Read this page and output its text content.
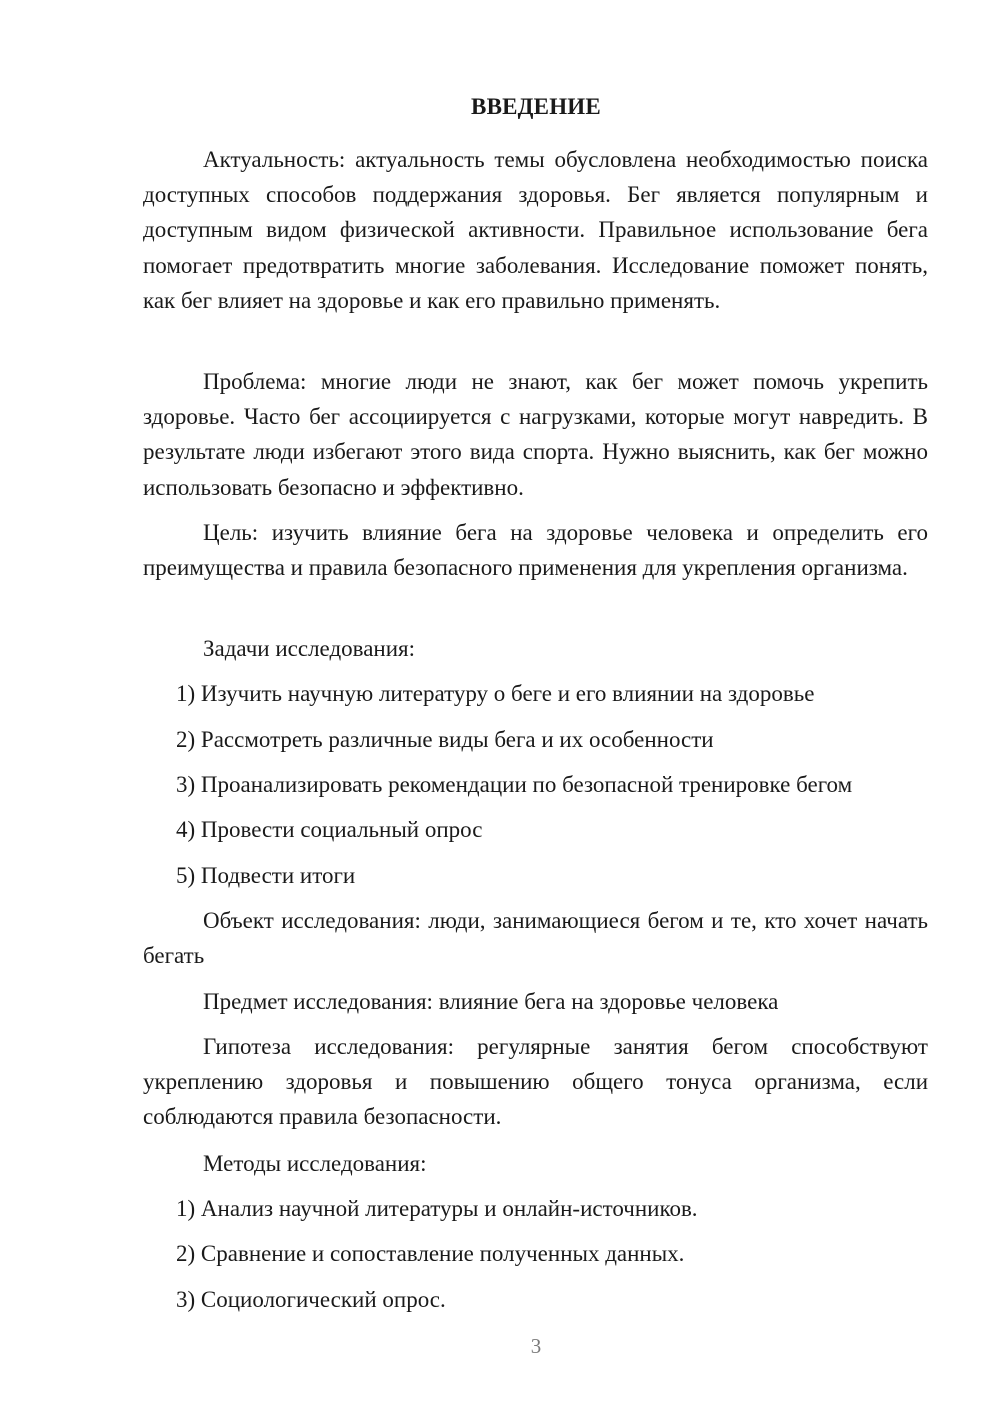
ВВЕДЕНИЕ
Актуальность: актуальность темы обусловлена необходимостью поиска доступных способов поддержания здоровья. Бег является популярным и доступным видом физической активности. Правильное использование бега помогает предотвратить многие заболевания. Исследование поможет понять, как бег влияет на здоровье и как его правильно применять.
Проблема: многие люди не знают, как бег может помочь укрепить здоровье. Часто бег ассоциируется с нагрузками, которые могут навредить. В результате люди избегают этого вида спорта. Нужно выяснить, как бег можно использовать безопасно и эффективно.
Цель: изучить влияние бега на здоровье человека и определить его преимущества и правила безопасного применения для укрепления организма.
Задачи исследования:
1) Изучить научную литературу о беге и его влиянии на здоровье
2) Рассмотреть различные виды бега и их особенности
3) Проанализировать рекомендации по безопасной тренировке бегом
4) Провести социальный опрос
5) Подвести итоги
Объект исследования: люди, занимающиеся бегом и те, кто хочет начать бегать
Предмет исследования: влияние бега на здоровье человека
Гипотеза исследования: регулярные занятия бегом способствуют укреплению здоровья и повышению общего тонуса организма, если соблюдаются правила безопасности.
Методы исследования:
1) Анализ научной литературы и онлайн-источников.
2) Сравнение и сопоставление полученных данных.
3) Социологический опрос.
3
